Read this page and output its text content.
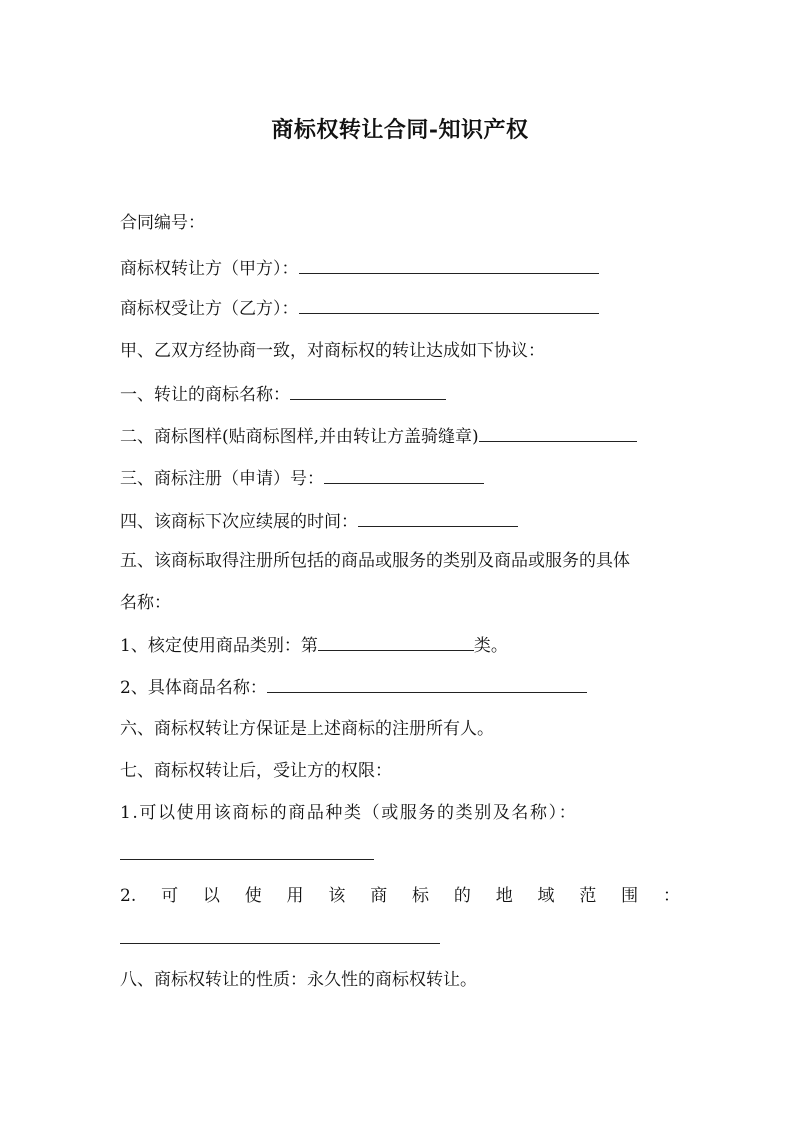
商标权转让合同-知识产权
合同编号：
商标权转让方（甲方）：
商标权受让方（乙方）：
甲、乙双方经协商一致，对商标权的转让达成如下协议：
一、转让的商标名称：
二、商标图样(贴商标图样,并由转让方盖骑缝章)
三、商标注册（申请）号：
四、该商标下次应续展的时间：
五、该商标取得注册所包括的商品或服务的类别及商品或服务的具体
名称：
1、核定使用商品类别：第	类。
2、具体商品名称：
六、商标权转让方保证是上述商标的注册所有人。
七、商标权转让后，受让方的权限：
1.可以使用该商标的商品种类（或服务的类别及名称）：
2. 可 以 使 用 该 商 标 的 地 域 范 围 ：
八、商标权转让的性质：永久性的商标权转让。
